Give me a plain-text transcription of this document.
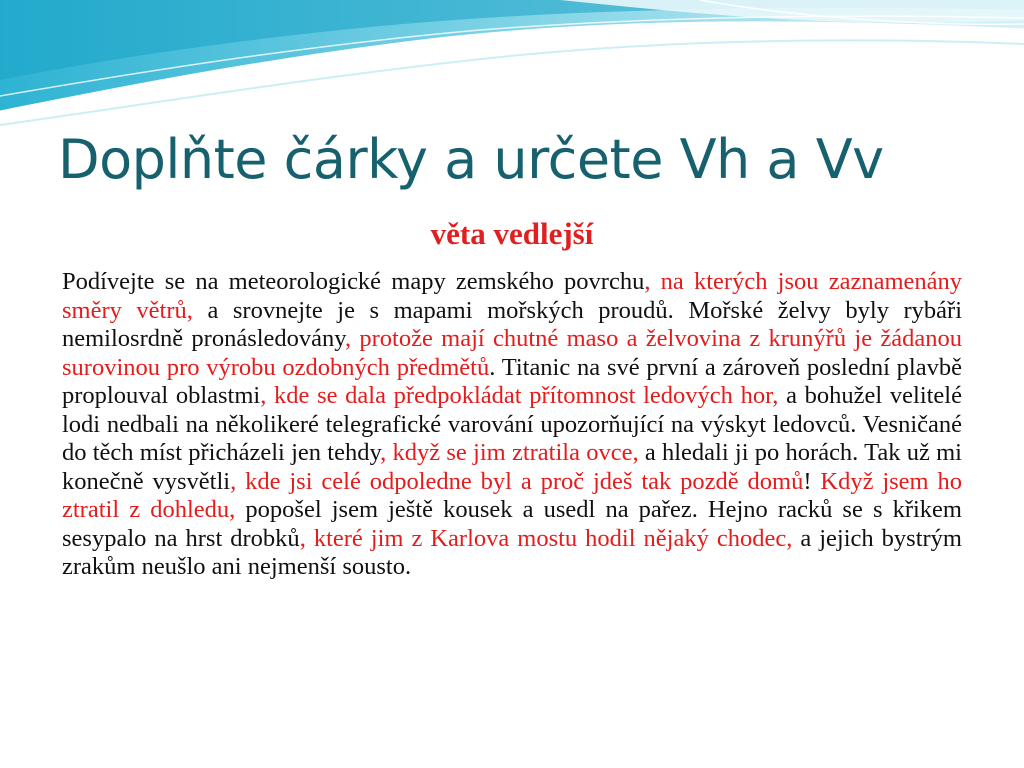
Doplňte čárky a určete Vh a Vv
věta vedlejší

Podívejte se na meteorologické mapy zemského povrchu, na kterých jsou zaznamenány směry větrů, a srovnejte je s mapami mořských proudů. Mořské želvy byly rybáři nemilosrdně pronásledovány, protože mají chutné maso a želvovina z krunýřů je žádanou surovinou pro výrobu ozdobných předmětů. Titanic na své první a zároveň poslední plavbě proplouval oblastmi, kde se dala předpokládat přítomnost ledových hor, a bohužel velitelé lodi nedbali na několikeré telegrafické varování upozorňující na výskyt ledovců. Vesničané do těch míst přicházeli jen tehdy, když se jim ztratila ovce, a hledali ji po horách. Tak už mi konečně vysvětli, kde jsi celé odpoledne byl a proč jdeš tak pozdě domů! Když jsem ho ztratil z dohledu, popošel jsem ještě kousek a usedl na pařez. Hejno racků se s křikem sesypalo na hrst drobků, které jim z Karlova mostu hodil nějaký chodec, a jejich bystrým zrakům neušlo ani nejmenší sousto.
